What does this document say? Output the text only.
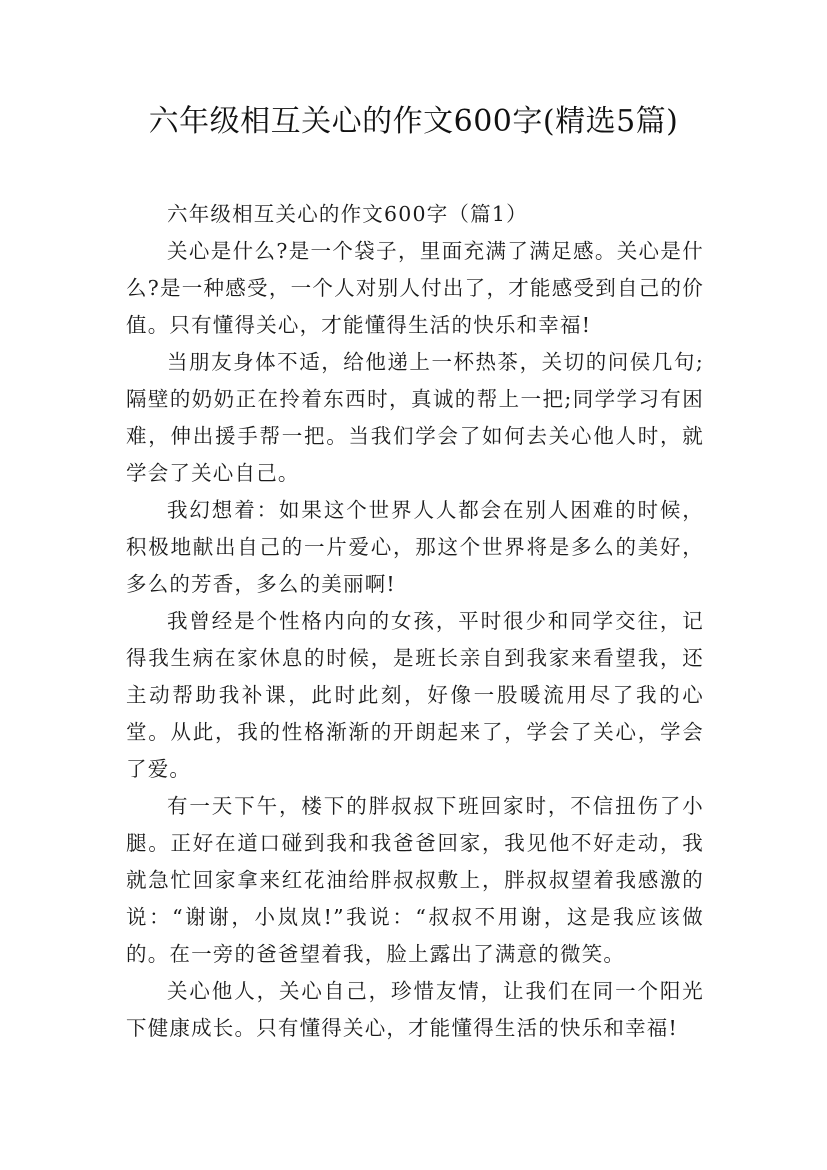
六年级相互关心的作文600字(精选5篇)

六年级相互关心的作文600字（篇1）

关心是什么?是一个袋子，里面充满了满足感。关心是什么?是一种感受，一个人对别人付出了，才能感受到自己的价值。只有懂得关心，才能懂得生活的快乐和幸福!

当朋友身体不适，给他递上一杯热茶，关切的问侯几句;隔壁的奶奶正在拎着东西时，真诚的帮上一把;同学学习有困难，伸出援手帮一把。当我们学会了如何去关心他人时，就学会了关心自己。

我幻想着：如果这个世界人人都会在别人困难的时候，积极地献出自己的一片爱心，那这个世界将是多么的美好，多么的芳香，多么的美丽啊!

我曾经是个性格内向的女孩，平时很少和同学交往，记得我生病在家休息的时候，是班长亲自到我家来看望我，还主动帮助我补课，此时此刻，好像一股暖流用尽了我的心堂。从此，我的性格渐渐的开朗起来了，学会了关心，学会了爱。

有一天下午，楼下的胖叔叔下班回家时，不信扭伤了小腿。正好在道口碰到我和我爸爸回家，我见他不好走动，我就急忙回家拿来红花油给胖叔叔敷上，胖叔叔望着我感激的说：“谢谢，小岚岚!”我说：“叔叔不用谢，这是我应该做的。在一旁的爸爸望着我，脸上露出了满意的微笑。

关心他人，关心自己，珍惜友情，让我们在同一个阳光下健康成长。只有懂得关心，才能懂得生活的快乐和幸福!
